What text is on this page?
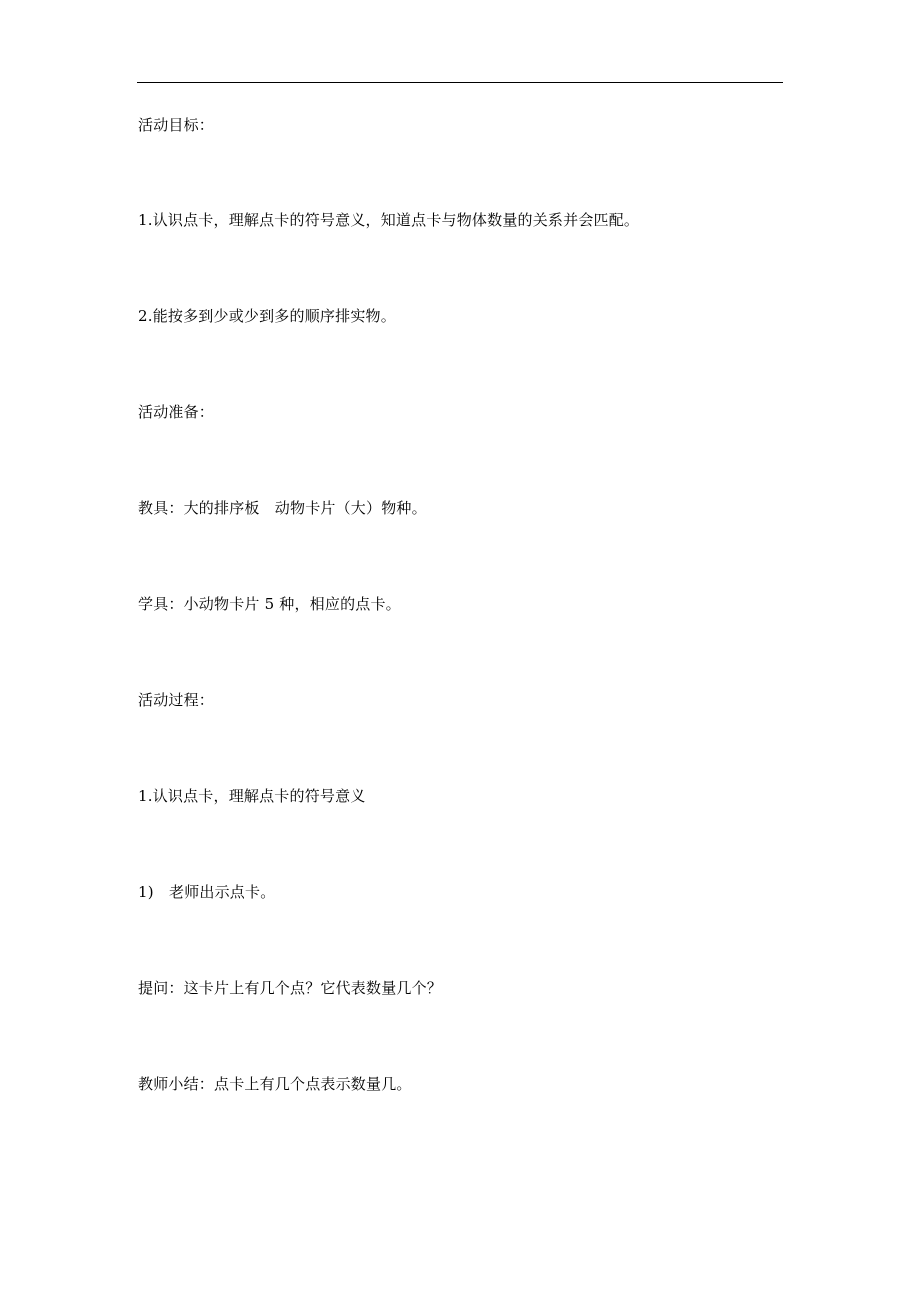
活动目标：

1.认识点卡，理解点卡的符号意义，知道点卡与物体数量的关系并会匹配。

2.能按多到少或少到多的顺序排实物。

活动准备：

教具：大的排序板　动物卡片（大）物种。

学具：小动物卡片 5 种，相应的点卡。

活动过程：

1.认识点卡，理解点卡的符号意义

1)　老师出示点卡。

提问：这卡片上有几个点？它代表数量几个？

教师小结：点卡上有几个点表示数量几。
